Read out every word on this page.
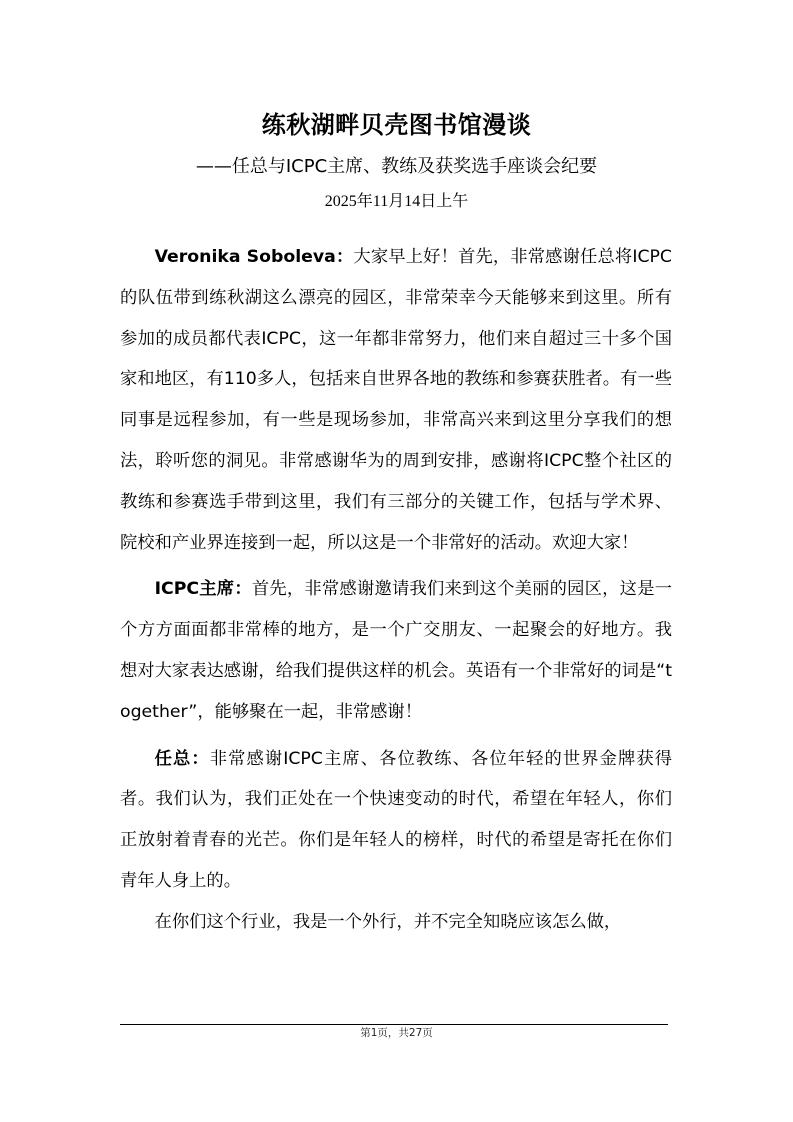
练秋湖畔贝壳图书馆漫谈
——任总与ICPC主席、教练及获奖选手座谈会纪要
2025年11月14日上午

Veronika Soboleva：大家早上好！首先，非常感谢任总将ICPC的队伍带到练秋湖这么漂亮的园区，非常荣幸今天能够来到这里。所有参加的成员都代表ICPC，这一年都非常努力，他们来自超过三十多个国家和地区，有110多人，包括来自世界各地的教练和参赛获胜者。有一些同事是远程参加，有一些是现场参加，非常高兴来到这里分享我们的想法，聆听您的洞见。非常感谢华为的周到安排，感谢将ICPC整个社区的教练和参赛选手带到这里，我们有三部分的关键工作，包括与学术界、院校和产业界连接到一起，所以这是一个非常好的活动。欢迎大家！

ICPC主席：首先，非常感谢邀请我们来到这个美丽的园区，这是一个方方面面都非常棒的地方，是一个广交朋友、一起聚会的好地方。我想对大家表达感谢，给我们提供这样的机会。英语有一个非常好的词是“together”，能够聚在一起，非常感谢！

任总：非常感谢ICPC主席、各位教练、各位年轻的世界金牌获得者。我们认为，我们正处在一个快速变动的时代，希望在年轻人，你们正放射着青春的光芒。你们是年轻人的榜样，时代的希望是寄托在你们青年人身上的。

在你们这个行业，我是一个外行，并不完全知晓应该怎么做，

第1页，共27页
